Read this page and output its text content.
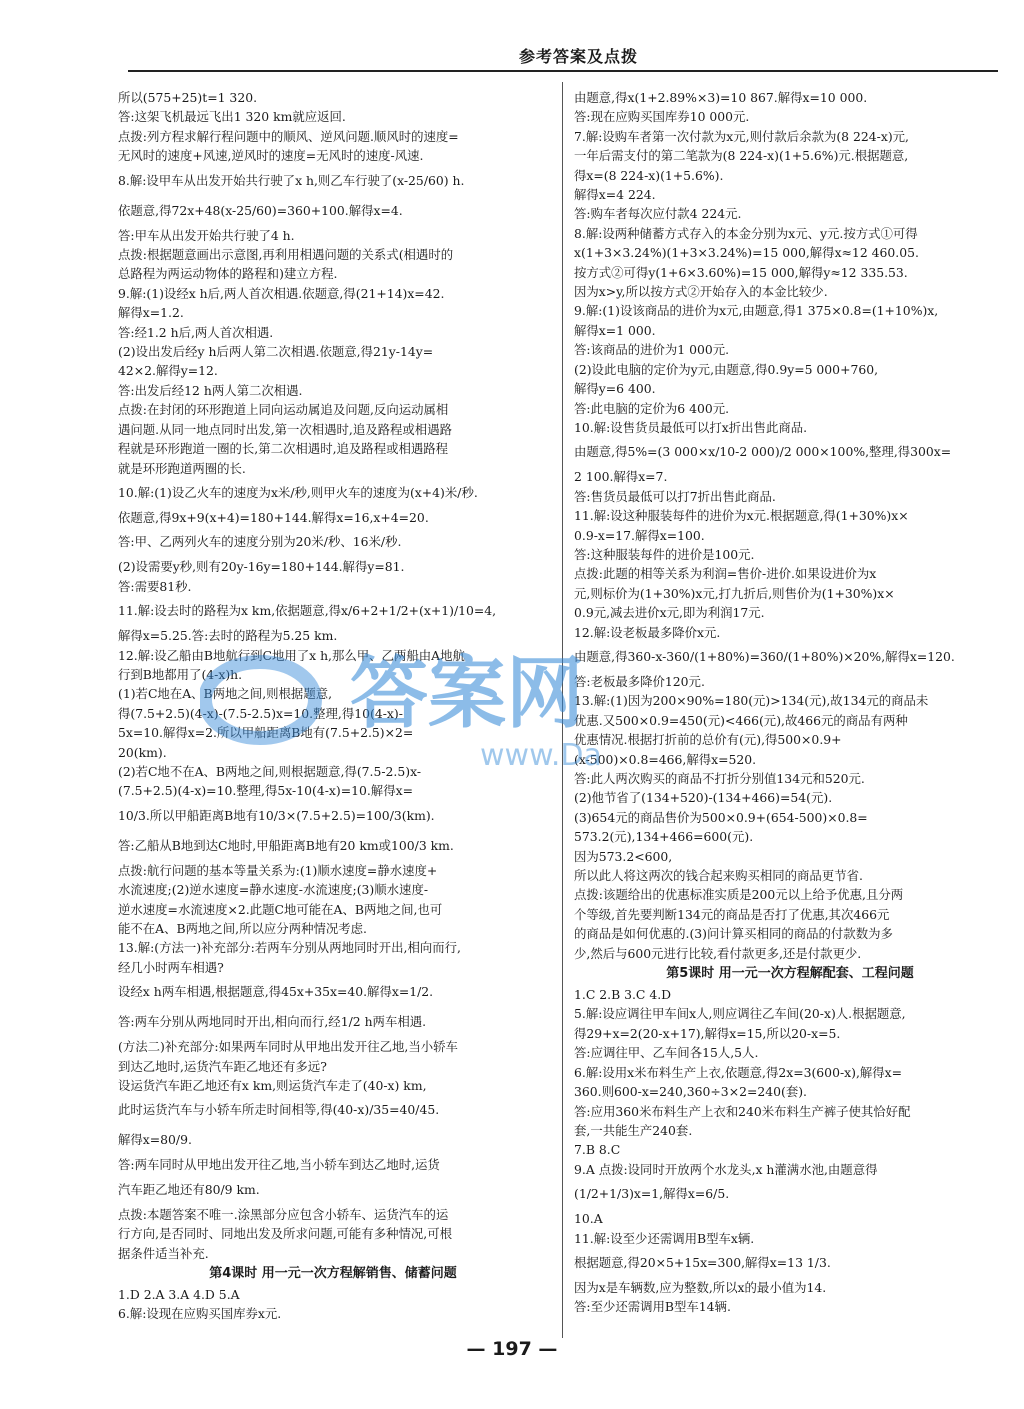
参考答案及点拨
所以(575+25)t=1 320.
答:这架飞机最远飞出1 320 km就应返回.
点拨:列方程求解行程问题中的顺风、逆风问题.顺风时的速度=
无风时的速度+风速,逆风时的速度=无风时的速度-风速.
8.解:设甲车从出发开始共行驶了x h,则乙车行驶了(x-25/60) h.
依题意,得72x+48(x-25/60)=360+100.解得x=4.
答:甲车从出发开始共行驶了4 h.
点拨:根据题意画出示意图,再利用相遇问题的关系式(相遇时的
总路程为两运动物体的路程和)建立方程.
9.解:(1)设经x h后,两人首次相遇.依题意,得(21+14)x=42.
解得x=1.2.
答:经1.2 h后,两人首次相遇.
(2)设出发后经y h后两人第二次相遇.依题意,得21y-14y=
42×2.解得y=12.
答:出发后经12 h两人第二次相遇.
点拨:在封闭的环形跑道上同向运动属追及问题,反向运动属相
遇问题.从同一地点同时出发,第一次相遇时,追及路程或相遇路
程就是环形跑道一圈的长,第二次相遇时,追及路程或相遇路程
就是环形跑道两圈的长.
10.解:(1)设乙火车的速度为x米/秒,则甲火车的速度为(x+4)米/秒.
依题意,得9x+9(x+4)=180+144.解得x=16,x+4=20.
答:甲、乙两列火车的速度分别为20米/秒、16米/秒.
(2)设需要y秒,则有20y-16y=180+144.解得y=81.
答:需要81秒.
11.解:设去时的路程为x km,依据题意,得x/6+2+1/2+(x+1)/10=4,
解得x=5.25.答:去时的路程为5.25 km.
12.解:设乙船由B地航行到C地用了x h,那么甲、乙两船由A地航
行到B地都用了(4-x)h.
(1)若C地在A、B两地之间,则根据题意,
得(7.5+2.5)(4-x)-(7.5-2.5)x=10.整理,得10(4-x)-
5x=10.解得x=2.所以甲船距离B地有(7.5+2.5)×2=
20(km).
(2)若C地不在A、B两地之间,则根据题意,得(7.5-2.5)x-
(7.5+2.5)(4-x)=10.整理,得5x-10(4-x)=10.解得x=
10/3.所以甲船距离B地有10/3×(7.5+2.5)=100/3(km).
答:乙船从B地到达C地时,甲船距离B地有20 km或100/3 km.
点拨:航行问题的基本等量关系为:(1)顺水速度=静水速度+
水流速度;(2)逆水速度=静水速度-水流速度;(3)顺水速度-
逆水速度=水流速度×2.此题C地可能在A、B两地之间,也可
能不在A、B两地之间,所以应分两种情况考虑.
13.解:(方法一)补充部分:若两车分别从两地同时开出,相向而行,
经几小时两车相遇?
设经x h两车相遇,根据题意,得45x+35x=40.解得x=1/2.
答:两车分别从两地同时开出,相向而行,经1/2 h两车相遇.
(方法二)补充部分:如果两车同时从甲地出发开往乙地,当小轿车
到达乙地时,运货汽车距乙地还有多远?
设运货汽车距乙地还有x km,则运货汽车走了(40-x) km,
此时运货汽车与小轿车所走时间相等,得(40-x)/35=40/45.
解得x=80/9.
答:两车同时从甲地出发开往乙地,当小轿车到达乙地时,运货
汽车距乙地还有80/9 km.
点拨:本题答案不唯一.涂黑部分应包含小轿车、运货汽车的运
行方向,是否同时、同地出发及所求问题,可能有多种情况,可根
据条件适当补充.
第4课时 用一元一次方程解销售、储蓄问题
1.D 2.A 3.A 4.D 5.A
6.解:设现在应购买国库券x元.
由题意,得x(1+2.89%×3)=10 867.解得x=10 000.
答:现在应购买国库券10 000元.
7.解:设购车者第一次付款为x元,则付款后余款为(8 224-x)元,
一年后需支付的第二笔款为(8 224-x)(1+5.6%)元.根据题意,
得x=(8 224-x)(1+5.6%).
解得x=4 224.
答:购车者每次应付款4 224元.
8.解:设两种储蓄方式存入的本金分别为x元、y元.按方式①可得
x(1+3×3.24%)(1+3×3.24%)=15 000,解得x≈12 460.05.
按方式②可得y(1+6×3.60%)=15 000,解得y≈12 335.53.
因为x>y,所以按方式②开始存入的本金比较少.
9.解:(1)设该商品的进价为x元,由题意,得1 375×0.8=(1+10%)x,
解得x=1 000.
答:该商品的进价为1 000元.
(2)设此电脑的定价为y元,由题意,得0.9y=5 000+760,
解得y=6 400.
答:此电脑的定价为6 400元.
10.解:设售货员最低可以打x折出售此商品.
由题意,得5%=(3 000×x/10-2 000)/2 000×100%,整理,得300x=
2 100.解得x=7.
答:售货员最低可以打7折出售此商品.
11.解:设这种服装每件的进价为x元.根据题意,得(1+30%)x×
0.9-x=17.解得x=100.
答:这种服装每件的进价是100元.
点拨:此题的相等关系为利润=售价-进价.如果设进价为x
元,则标价为(1+30%)x元,打九折后,则售价为(1+30%)x×
0.9元,减去进价x元,即为利润17元.
12.解:设老板最多降价x元.
由题意,得360-x-360/(1+80%)=360/(1+80%)×20%,解得x=120.
答:老板最多降价120元.
13.解:(1)因为200×90%=180(元)>134(元),故134元的商品未
优惠.又500×0.9=450(元)<466(元),故466元的商品有两种
优惠情况.根据打折前的总价有(元),得500×0.9+
(x-500)×0.8=466,解得x=520.
答:此人两次购买的商品不打折分别值134元和520元.
(2)他节省了(134+520)-(134+466)=54(元).
(3)654元的商品售价为500×0.9+(654-500)×0.8=
573.2(元),134+466=600(元).
因为573.2<600,
所以此人将这两次的钱合起来购买相同的商品更节省.
点拨:该题给出的优惠标准实质是200元以上给予优惠,且分两
个等级,首先要判断134元的商品是否打了优惠,其次466元
的商品是如何优惠的.(3)问计算买相同的商品的付款数为多
少,然后与600元进行比较,看付款更多,还是付款更少.
第5课时 用一元一次方程解配套、工程问题
1.C 2.B 3.C 4.D
5.解:设应调往甲车间x人,则应调往乙车间(20-x)人.根据题意,
得29+x=2(20-x+17),解得x=15,所以20-x=5.
答:应调往甲、乙车间各15人,5人.
6.解:设用x米布料生产上衣,依题意,得2x=3(600-x),解得x=
360.则600-x=240,360÷3×2=240(套).
答:应用360米布料生产上衣和240米布料生产裤子使其恰好配
套,一共能生产240套.
7.B 8.C
9.A 点拨:设同时开放两个水龙头,x h灌满水池,由题意得
(1/2+1/3)x=1,解得x=6/5.
10.A
11.解:设至少还需调用B型车x辆.
根据题意,得20×5+15x=300,解得x=13 1/3.
因为x是车辆数,应为整数,所以x的最小值为14.
答:至少还需调用B型车14辆.
答案网
www.Da
— 197 —
